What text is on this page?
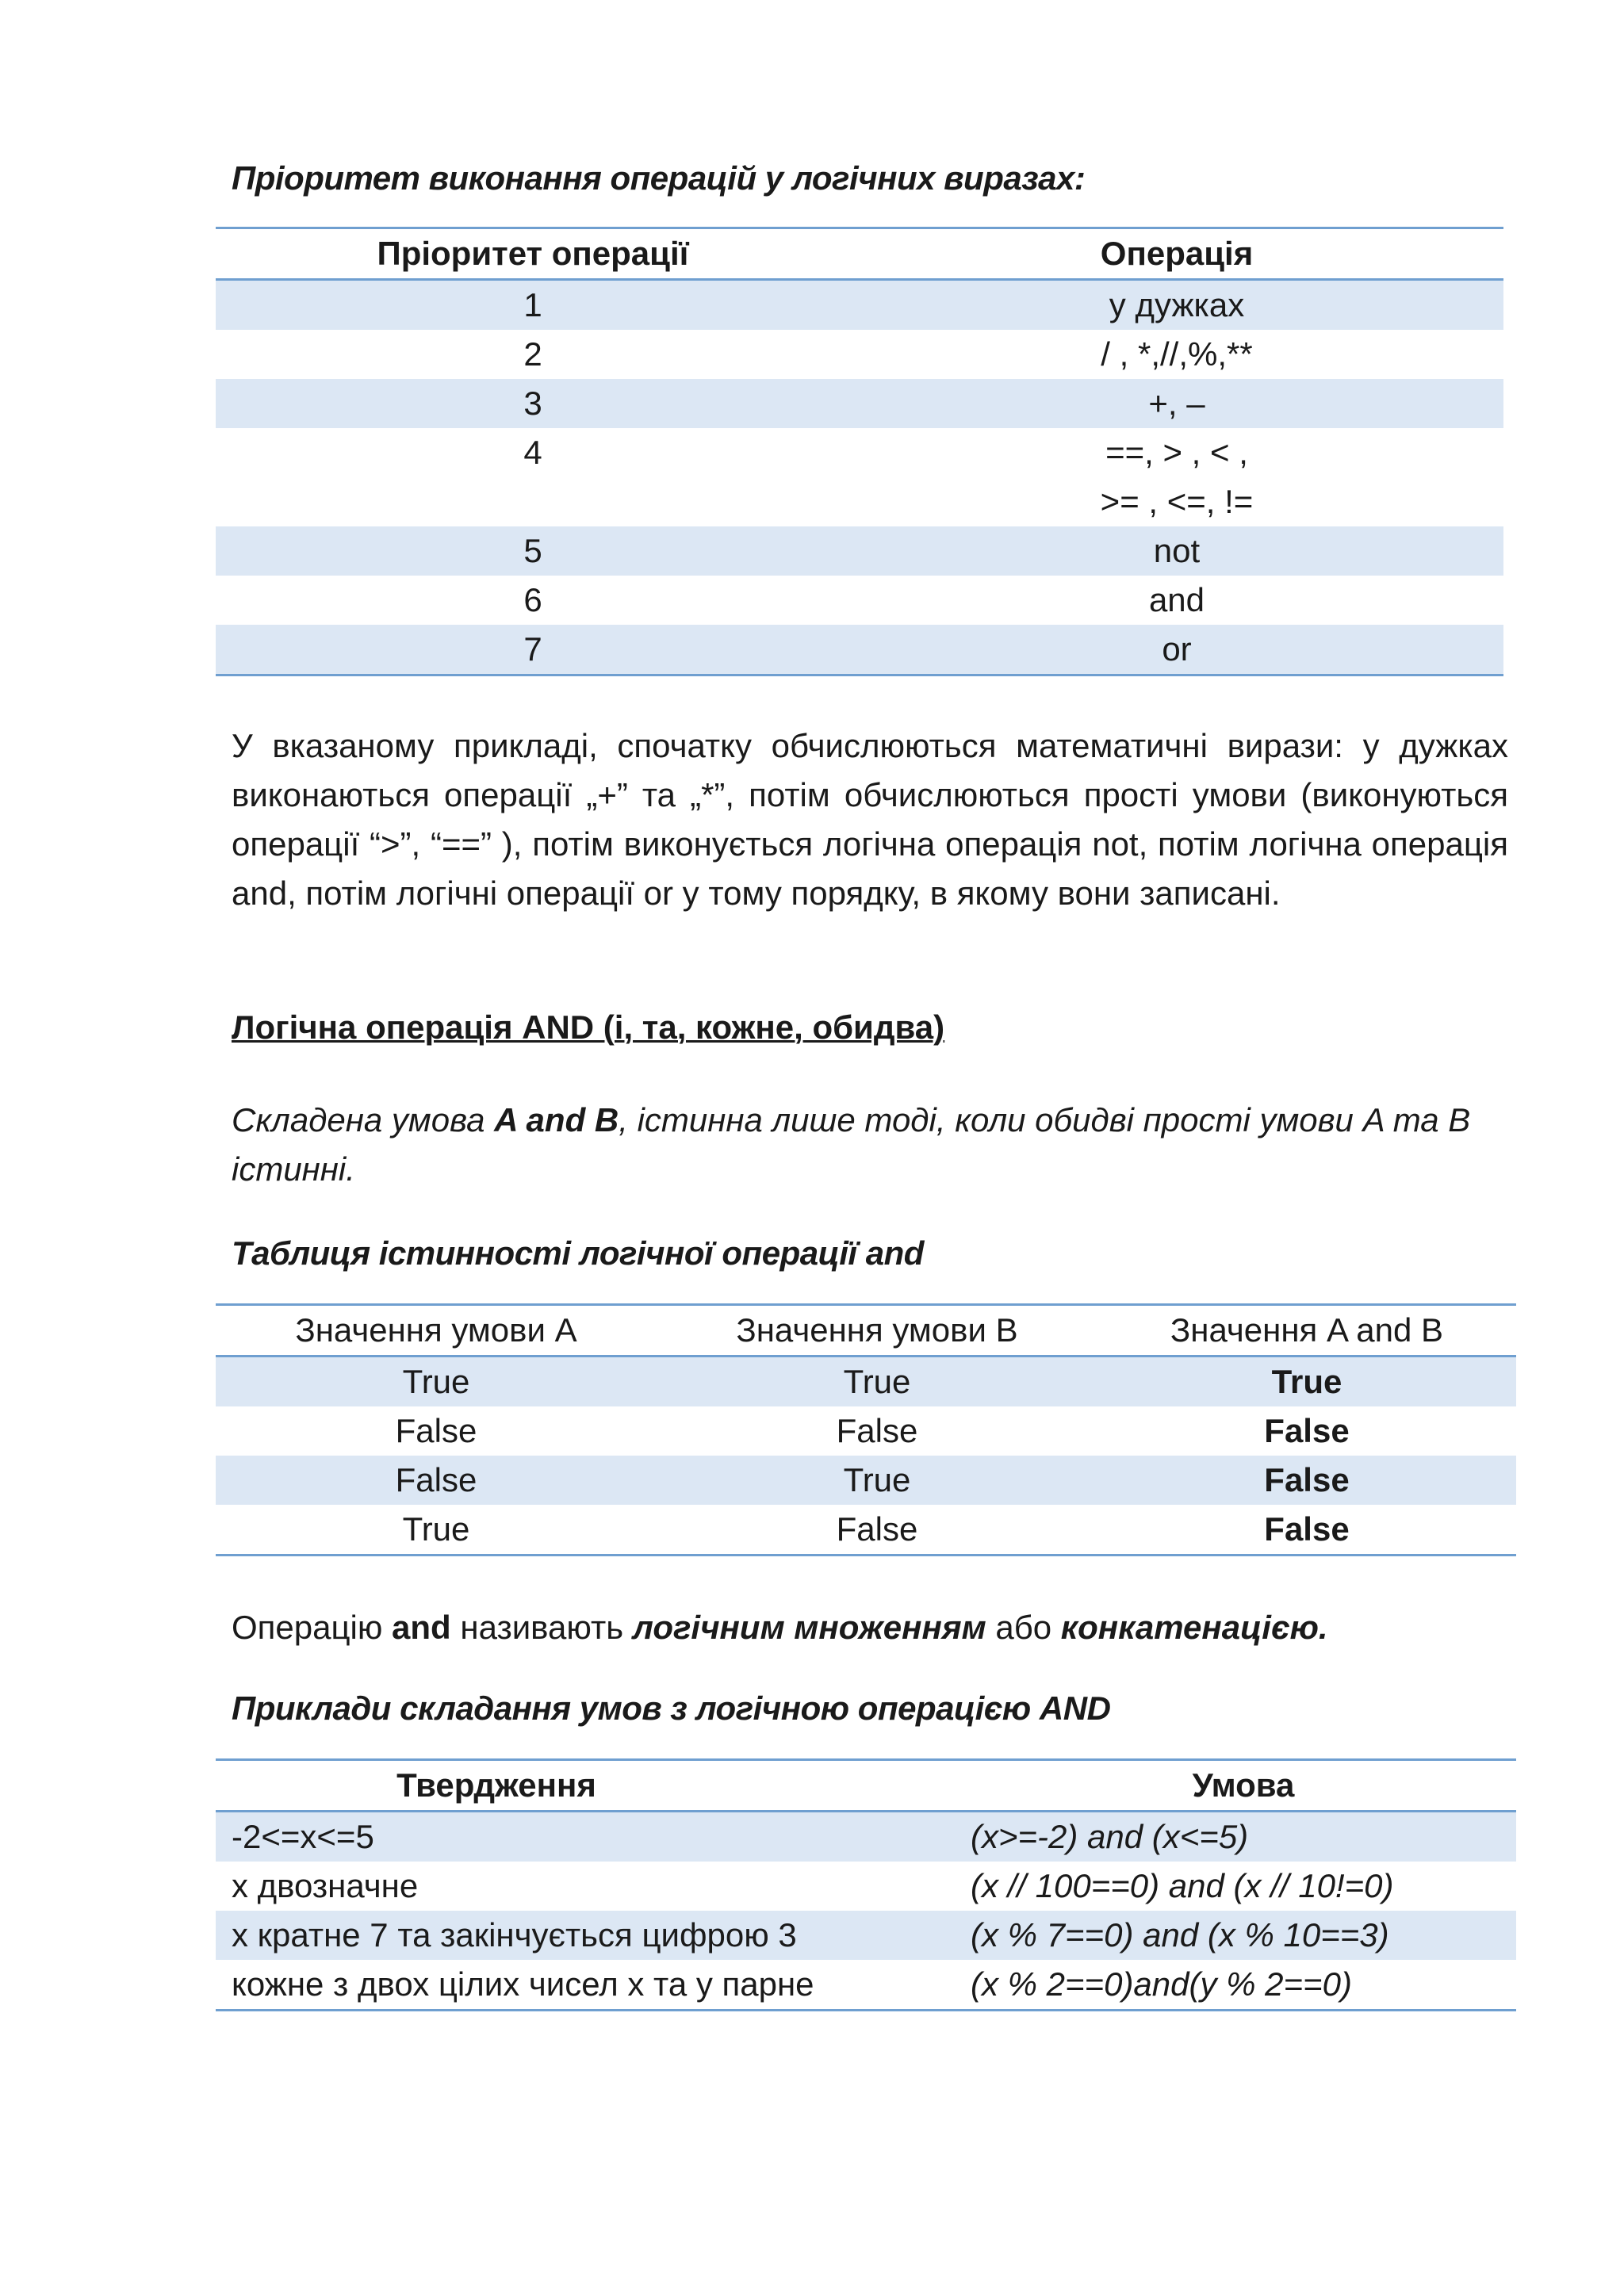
Пріоритет виконання операцій у логічних виразах:

Пріоритет операції	Операція
1	у дужках
2	/ , *,//,%,**
3	+, –
4	==, > , < ,
>= , <=, !=

5	not
6	and
7	or

У вказаному прикладі, спочатку обчислюються математичні вирази: у дужках виконаються операції „+” та „*”, потім обчислюються прості умови (виконуються операції “>”, “==” ), потім виконується логічна операція not, потім логічна операція and, потім логічні операції or у тому порядку, в якому вони записані.

Логічна операція AND (і, та, кожне, обидва)

Складена умова A and B, істинна лише тоді, коли обидві прості умови A та B істинні.

Таблиця істинності логічної операції and

Значення умови A	Значення умови B	Значення A and B
True	True	True
False	False	False
False	True	False
True	False	False

Операцію and називають логічним множенням або конкатенацією.

Приклади складання умов з логічною операцією AND

Твердження	Умова
-2<=x<=5	(x>=-2) and (x<=5)
х двозначне	(x // 100==0) and (x // 10!=0)
х кратне 7 та закінчується цифрою 3	(x % 7==0) and (x % 10==3)
кожне з двох цілих чисел x та y парне	(x % 2==0)and(y % 2==0)
